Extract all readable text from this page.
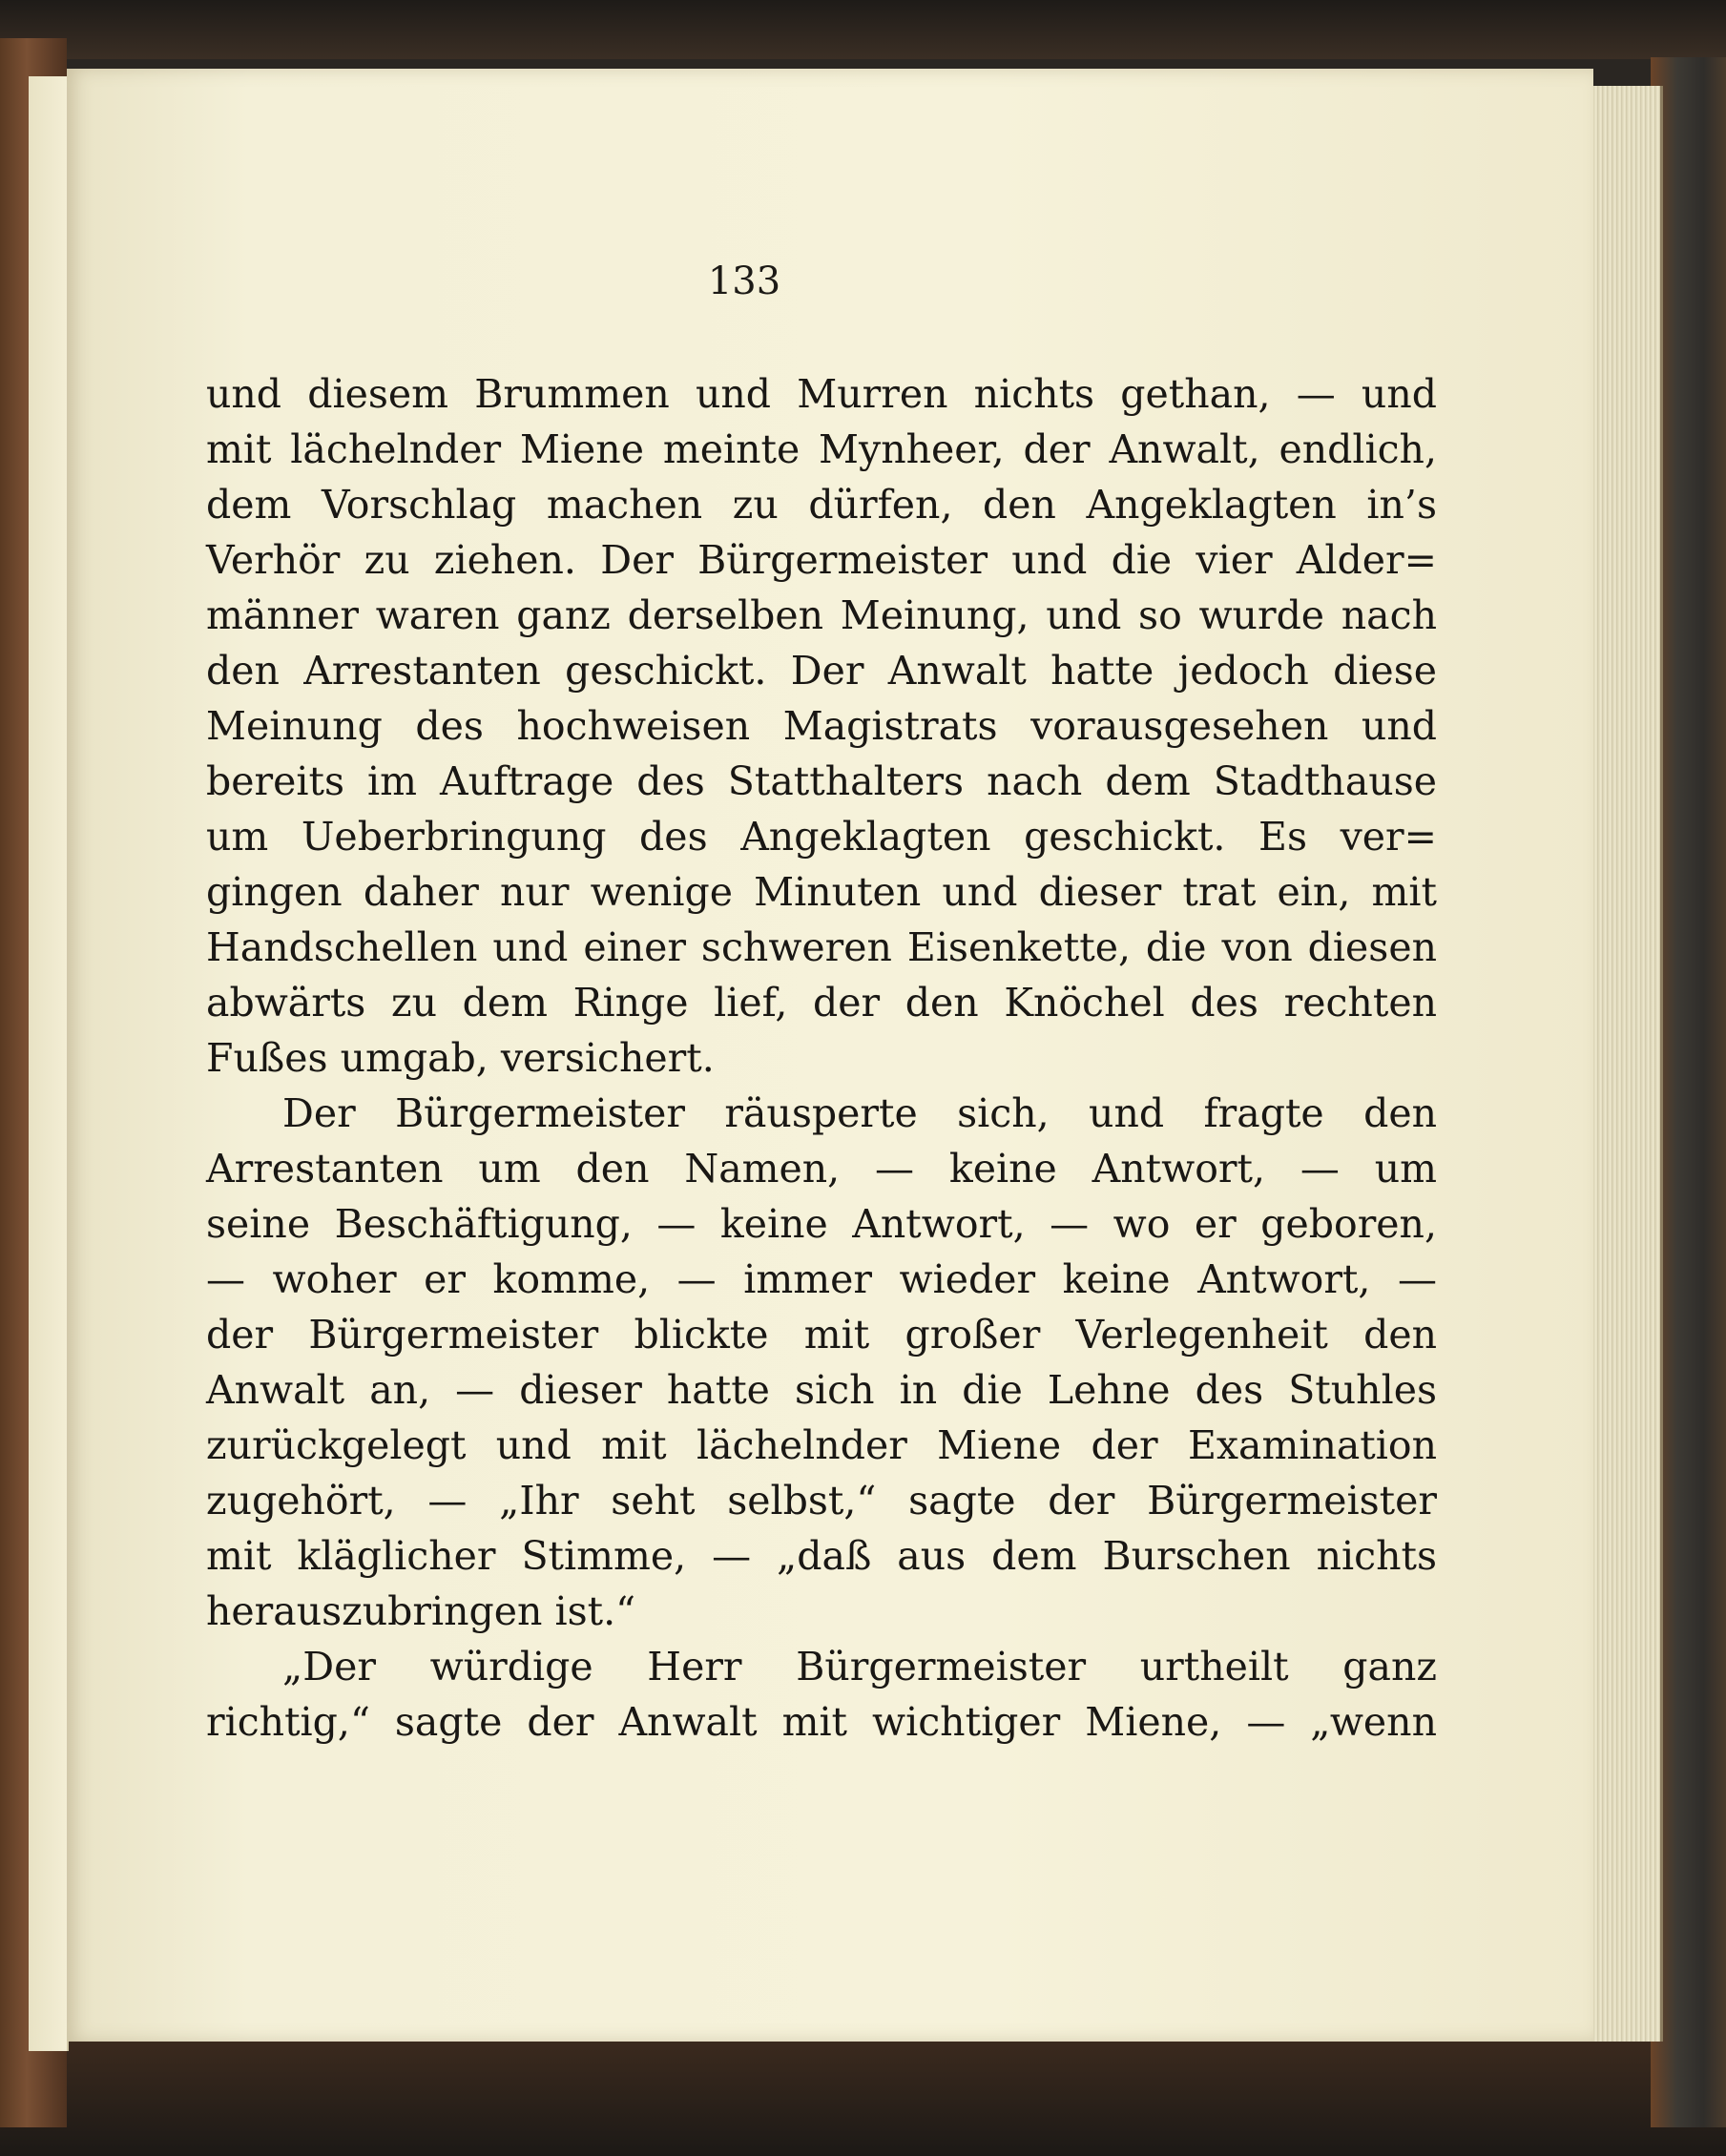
133
und diesem Brummen und Murren nichts gethan, — und
mit lächelnder Miene meinte Mynheer, der Anwalt, endlich,
dem Vorschlag machen zu dürfen, den Angeklagten in’s
Verhör zu ziehen. Der Bürgermeister und die vier Alder=
männer waren ganz derselben Meinung, und so wurde nach
den Arrestanten geschickt. Der Anwalt hatte jedoch diese
Meinung des hochweisen Magistrats vorausgesehen und
bereits im Auftrage des Statthalters nach dem Stadthause
um Ueberbringung des Angeklagten geschickt. Es ver=
gingen daher nur wenige Minuten und dieser trat ein, mit
Handschellen und einer schweren Eisenkette, die von diesen
abwärts zu dem Ringe lief, der den Knöchel des rechten
Fußes umgab, versichert.
Der Bürgermeister räusperte sich, und fragte den
Arrestanten um den Namen, — keine Antwort, — um
seine Beschäftigung, — keine Antwort, — wo er geboren,
— woher er komme, — immer wieder keine Antwort, —
der Bürgermeister blickte mit großer Verlegenheit den
Anwalt an, — dieser hatte sich in die Lehne des Stuhles
zurückgelegt und mit lächelnder Miene der Examination
zugehört, — „Ihr seht selbst,“ sagte der Bürgermeister
mit kläglicher Stimme, — „daß aus dem Burschen nichts
herauszubringen ist.“
„Der würdige Herr Bürgermeister urtheilt ganz
richtig,“ sagte der Anwalt mit wichtiger Miene, — „wenn
